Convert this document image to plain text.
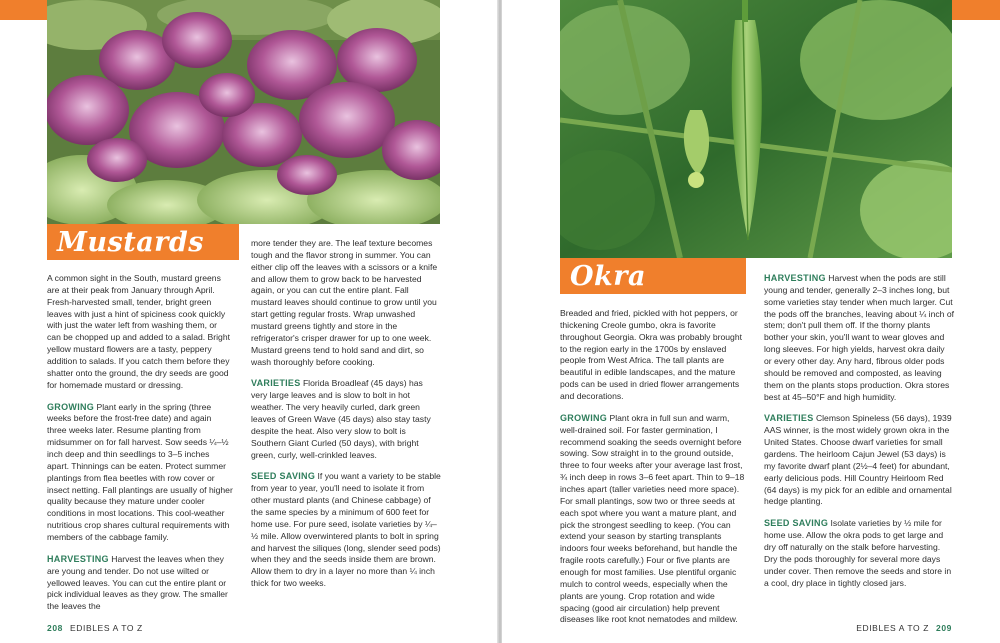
Mustards

A common sight in the South, mustard greens are at their peak from January through April. Fresh-harvested small, tender, bright green leaves with just a hint of spiciness cook quickly with just the water left from washing them, or can be chopped up and added to a salad. Bright yellow mustard flowers are a tasty, peppery addition to salads. If you catch them before they shatter onto the ground, the dry seeds are good for homemade mustard or dressing.

GROWING Plant early in the spring (three weeks before the frost-free date) and again three weeks later. Resume planting from midsummer on for fall harvest. Sow seeds ¼–½ inch deep and thin seedlings to 3–5 inches apart. Thinnings can be eaten. Protect summer plantings from flea beetles with row cover or insect netting. Fall plantings are usually of higher quality because they mature under cooler conditions in most locations. This cool-weather nutritious crop shares cultural requirements with members of the cabbage family.

HARVESTING Harvest the leaves when they are young and tender. Do not use wilted or yellowed leaves. You can cut the entire plant or pick individual leaves as they grow. The smaller the leaves the

more tender they are. The leaf texture becomes tough and the flavor strong in summer. You can either clip off the leaves with a scissors or a knife and allow them to grow back to be harvested again, or you can cut the entire plant. Fall mustard leaves should continue to grow until you start getting regular frosts. Wrap unwashed mustard greens tightly and store in the refrigerator's crisper drawer for up to one week. Mustard greens tend to hold sand and dirt, so wash thoroughly before cooking.

VARIETIES Florida Broadleaf (45 days) has very large leaves and is slow to bolt in hot weather. The very heavily curled, dark green leaves of Green Wave (45 days) also stay tasty despite the heat. Also very slow to bolt is Southern Giant Curled (50 days), with bright green, curly, well-crinkled leaves.

SEED SAVING If you want a variety to be stable from year to year, you'll need to isolate it from other mustard plants (and Chinese cabbage) of the same species by a minimum of 600 feet for home use. For pure seed, isolate varieties by ¼–½ mile. Allow overwintered plants to bolt in spring and harvest the siliques (long, slender seed pods) when they and the seeds inside them are brown. Allow them to dry in a layer no more than ¼ inch thick for two weeks.

208 EDIBLES A TO Z
Okra

Breaded and fried, pickled with hot peppers, or thickening Creole gumbo, okra is favorite throughout Georgia. Okra was probably brought to the region early in the 1700s by enslaved people from West Africa. The tall plants are beautiful in edible landscapes, and the mature pods can be used in dried flower arrangements and decorations.

GROWING Plant okra in full sun and warm, well-drained soil. For faster germination, I recommend soaking the seeds overnight before sowing. Sow straight in to the ground outside, three to four weeks after your average last frost, ¾ inch deep in rows 3–6 feet apart. Thin to 9–18 inches apart (taller varieties need more space). For small plantings, sow two or three seeds at each spot where you want a mature plant, and pick the strongest seedling to keep. (You can extend your season by starting transplants indoors four weeks beforehand, but handle the fragile roots carefully.) Four or five plants are enough for most families. Use plentiful organic mulch to control weeds, especially when the plants are young. Crop rotation and wide spacing (good air circulation) help prevent diseases like root knot nematodes and mildew.

HARVESTING Harvest when the pods are still young and tender, generally 2–3 inches long, but some varieties stay tender when much larger. Cut the pods off the branches, leaving about ¼ inch of stem; don't pull them off. If the thorny plants bother your skin, you'll want to wear gloves and long sleeves. For high yields, harvest okra daily or every other day. Any hard, fibrous older pods should be removed and composted, as leaving them on the plants stops production. Okra stores best at 45–50°F and high humidity.

VARIETIES Clemson Spineless (56 days), 1939 AAS winner, is the most widely grown okra in the United States. Choose dwarf varieties for small gardens. The heirloom Cajun Jewel (53 days) is my favorite dwarf plant (2½–4 feet) for abundant, early delicious pods. Hill Country Heirloom Red (64 days) is my pick for an edible and ornamental hedge planting.

SEED SAVING Isolate varieties by ½ mile for home use. Allow the okra pods to get large and dry off naturally on the stalk before harvesting. Dry the pods thoroughly for several more days under cover. Then remove the seeds and store in a cool, dry place in tightly closed jars.

EDIBLES A TO Z 209
